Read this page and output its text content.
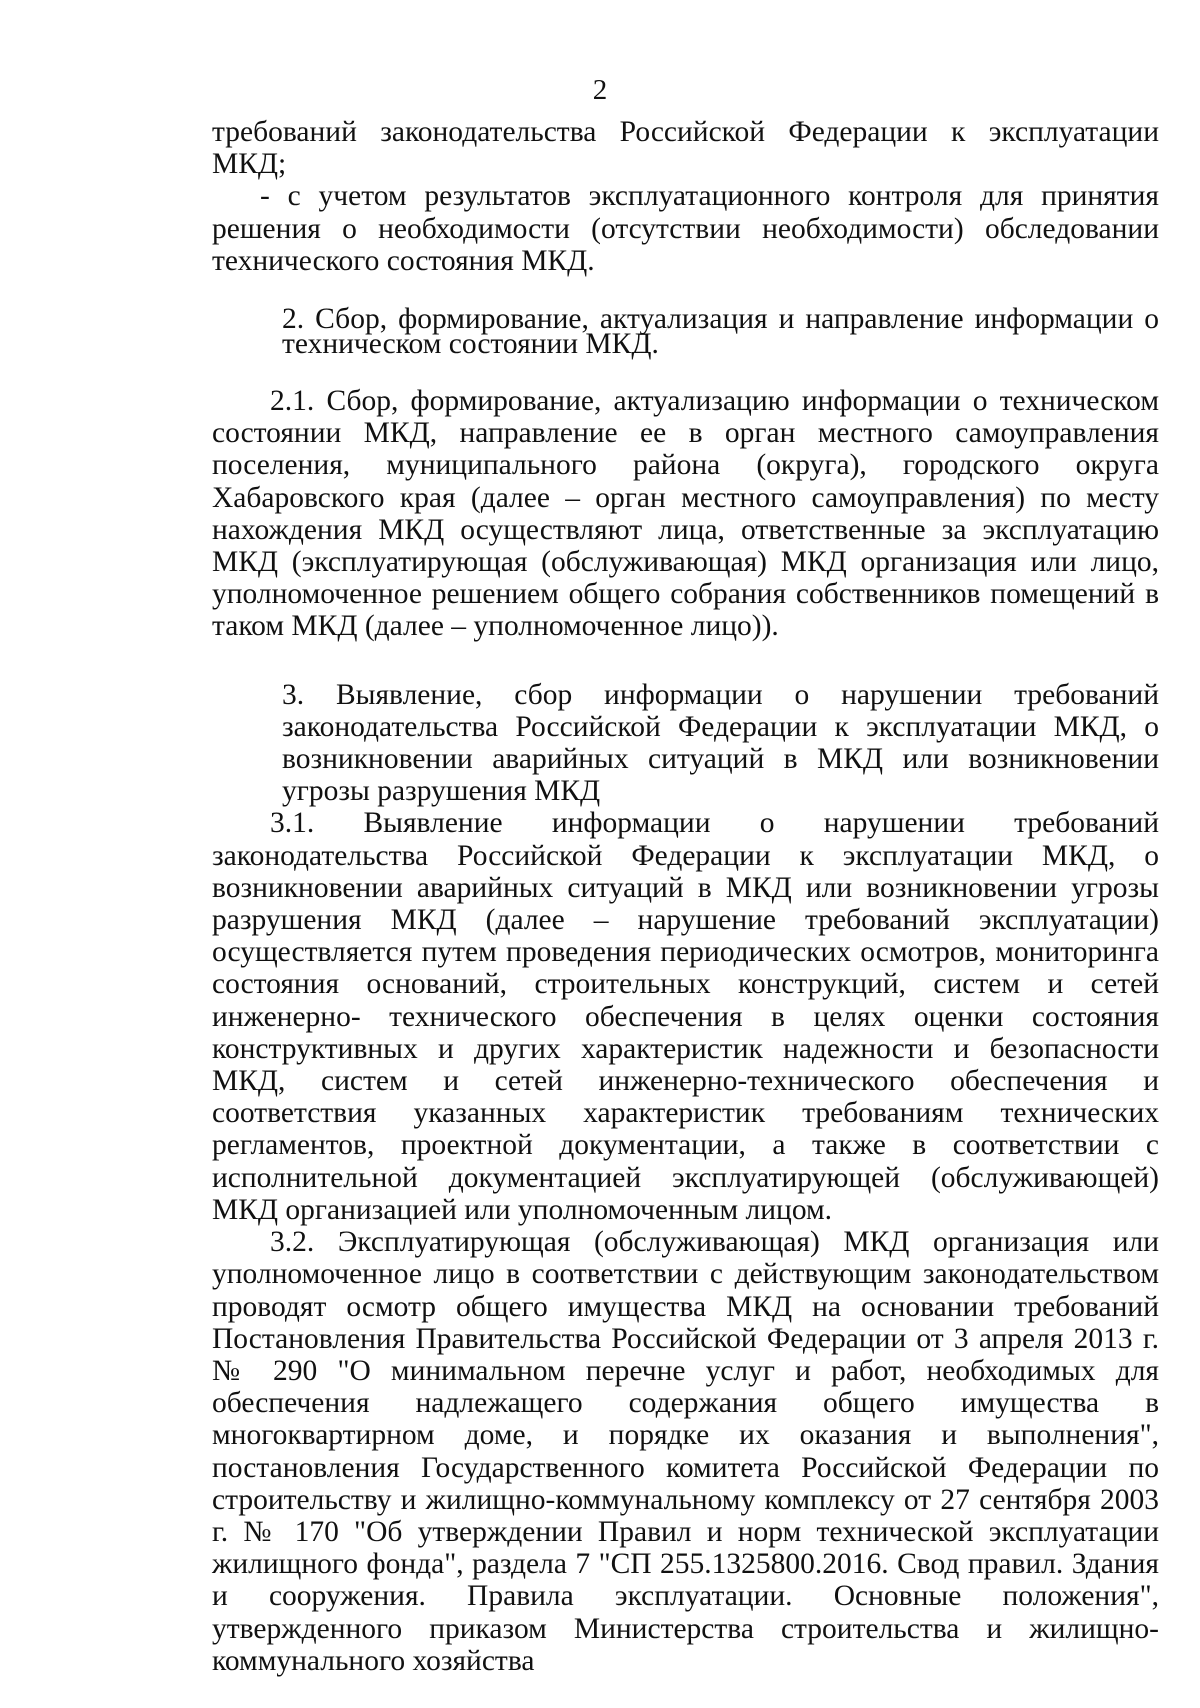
2

требований законодательства Российской Федерации к эксплуатации МКД;

- с учетом результатов эксплуатационного контроля для принятия решения о необходимости (отсутствии необходимости) обследовании технического состояния МКД.

2. Сбор, формирование, актуализация и направление информации о техническом состоянии МКД.

2.1. Сбор, формирование, актуализацию информации о техническом состоянии МКД, направление ее в орган местного самоуправления поселения, муниципального района (округа), городского округа Хабаровского края (далее – орган местного самоуправления) по месту нахождения МКД осуществляют лица, ответственные за эксплуатацию МКД (эксплуатирующая (обслуживающая) МКД организация или лицо, уполномоченное решением общего собрания собственников помещений в таком МКД (далее – уполномоченное лицо)).

3. Выявление, сбор информации о нарушении требований законодательства Российской Федерации к эксплуатации МКД, о возникновении аварийных ситуаций в МКД или возникновении угрозы разрушения МКД

3.1. Выявление информации о нарушении требований законодательства Российской Федерации к эксплуатации МКД, о возникновении аварийных ситуаций в МКД или возникновении угрозы разрушения МКД (далее – нарушение требований эксплуатации) осуществляется путем проведения периодических осмотров, мониторинга состояния оснований, строительных конструкций, систем и сетей инженерно- технического обеспечения в целях оценки состояния конструктивных и других характеристик надежности и безопасности МКД, систем и сетей инженерно-технического обеспечения и соответствия указанных характеристик требованиям технических регламентов, проектной документации, а также в соответствии с исполнительной документацией эксплуатирующей (обслуживающей) МКД организацией или уполномоченным лицом.

3.2. Эксплуатирующая (обслуживающая) МКД организация или уполномоченное лицо в соответствии с действующим законодательством проводят осмотр общего имущества МКД на основании требований Постановления Правительства Российской Федерации от 3 апреля 2013 г. № 290 "О минимальном перечне услуг и работ, необходимых для обеспечения надлежащего содержания общего имущества в многоквартирном доме, и порядке их оказания и выполнения", постановления Государственного комитета Российской Федерации по строительству и жилищно-коммунальному комплексу от 27 сентября 2003 г. № 170 "Об утверждении Правил и норм технической эксплуатации жилищного фонда", раздела 7 "СП 255.1325800.2016. Свод правил. Здания и сооружения. Правила эксплуатации. Основные положения", утвержденного приказом Министерства строительства и жилищно-коммунального хозяйства
